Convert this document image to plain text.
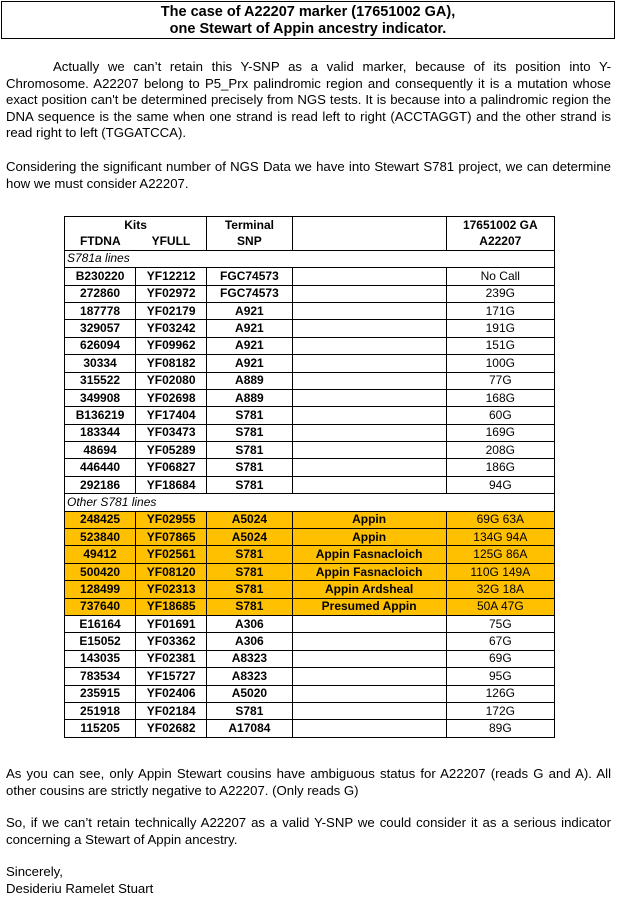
The case of A22207 marker (17651002 GA),
one Stewart of Appin ancestry indicator.

Actually we can’t retain this Y-SNP as a valid marker, because of its position into Y-Chromosome. A22207 belong to P5_Prx palindromic region and consequently it is a mutation whose exact position can't be determined precisely from NGS tests. It is because into a palindromic region the DNA sequence is the same when one strand is read left to right (ACCTAGGT) and the other strand is read right to left (TGGATCCA).

Considering the significant number of NGS Data we have into Stewart S781 project, we can determine how we must consider A22207.

Kits		Terminal		17651002 GA
FTDNA	YFULL	SNP		A22207
S781a lines				
B230220	YF12212	FGC74573		No Call
272860	YF02972	FGC74573		239G
187778	YF02179	A921		171G
329057	YF03242	A921		191G
626094	YF09962	A921		151G
30334	YF08182	A921		100G
315522	YF02080	A889		77G
349908	YF02698	A889		168G
B136219	YF17404	S781		60G
183344	YF03473	S781		169G
48694	YF05289	S781		208G
446440	YF06827	S781		186G
292186	YF18684	S781		94G
Other S781 lines				
248425	YF02955	A5024	Appin	69G 63A
523840	YF07865	A5024	Appin	134G 94A
49412	YF02561	S781	Appin Fasnacloich	125G 86A
500420	YF08120	S781	Appin Fasnacloich	110G 149A
128499	YF02313	S781	Appin Ardsheal	32G 18A
737640	YF18685	S781	Presumed Appin	50A 47G
E16164	YF01691	A306		75G
E15052	YF03362	A306		67G
143035	YF02381	A8323		69G
783534	YF15727	A8323		95G
235915	YF02406	A5020		126G
251918	YF02184	S781		172G
115205	YF02682	A17084		89G

As you can see, only Appin Stewart cousins have ambiguous status for A22207 (reads G and A). All other cousins are strictly negative to A22207. (Only reads G)

So, if we can’t retain technically A22207 as a valid Y-SNP we could consider it as a serious indicator concerning a Stewart of Appin ancestry.

Sincerely,
Desideriu Ramelet Stuart
